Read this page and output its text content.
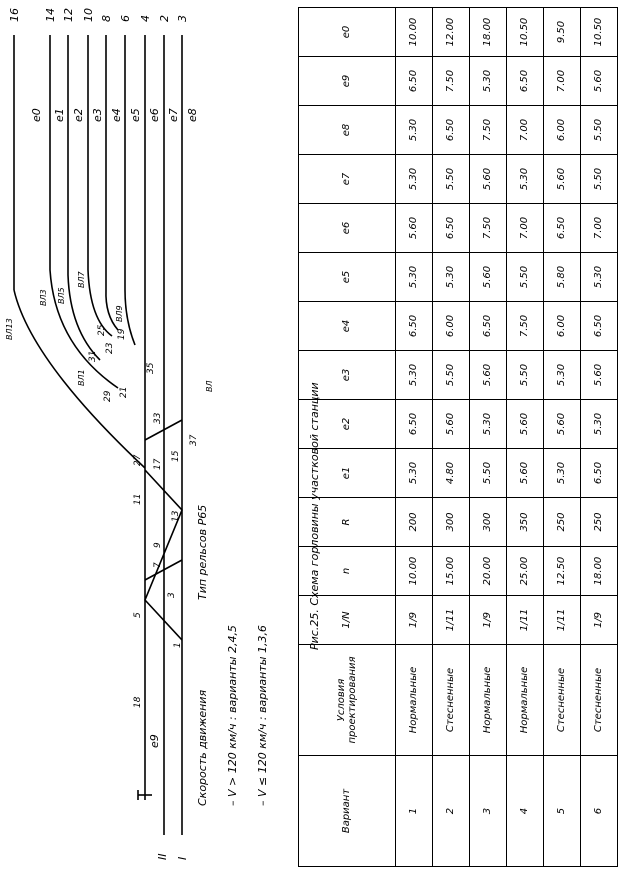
e0 e1 e2 e3 e4 e5 e6 e7 e8
16 14 12 10 8 6 4 2 3
e9
II I
1
3
5
7
9
11
13
15
17
18
19
21
23
25
27
29
31
33
35
37
ВЛ13
ВЛ1
ВЛ5
ВЛ3
ВЛ7
ВЛ9
ВЛ
Тип рельсов Р65
Скорость движения – V > 120 км/ч : варианты 2,4,5 – V ≤ 120 км/ч : варианты 1,3,6
Рис.25. Схема горловины участковой станции
Вариант	Условия проектирования	1/N	n	R	e1	e2	e3	e4	e5	e6	e7	e8	e9	e0
1	Нормальные	1/9	10.00	200	5.30	6.50	5.30	6.50	5.30	5.60	5.30	5.30	6.50	10.00
2	Стесненные	1/11	15.00	300	4.80	5.60	5.50	6.00	5.30	6.50	5.50	6.50	7.50	12.00
3	Нормальные	1/9	20.00	300	5.50	5.30	5.60	6.50	5.60	7.50	5.60	7.50	5.30	18.00
4	Нормальные	1/11	25.00	350	5.60	5.60	5.50	7.50	5.50	7.00	5.30	7.00	6.50	10.50
5	Стесненные	1/11	12.50	250	5.30	5.60	5.30	6.00	5.80	6.50	5.60	6.00	7.00	9.50
6	Стесненные	1/9	18.00	250	6.50	5.30	5.60	6.50	5.30	7.00	5.50	5.50	5.60	10.50
